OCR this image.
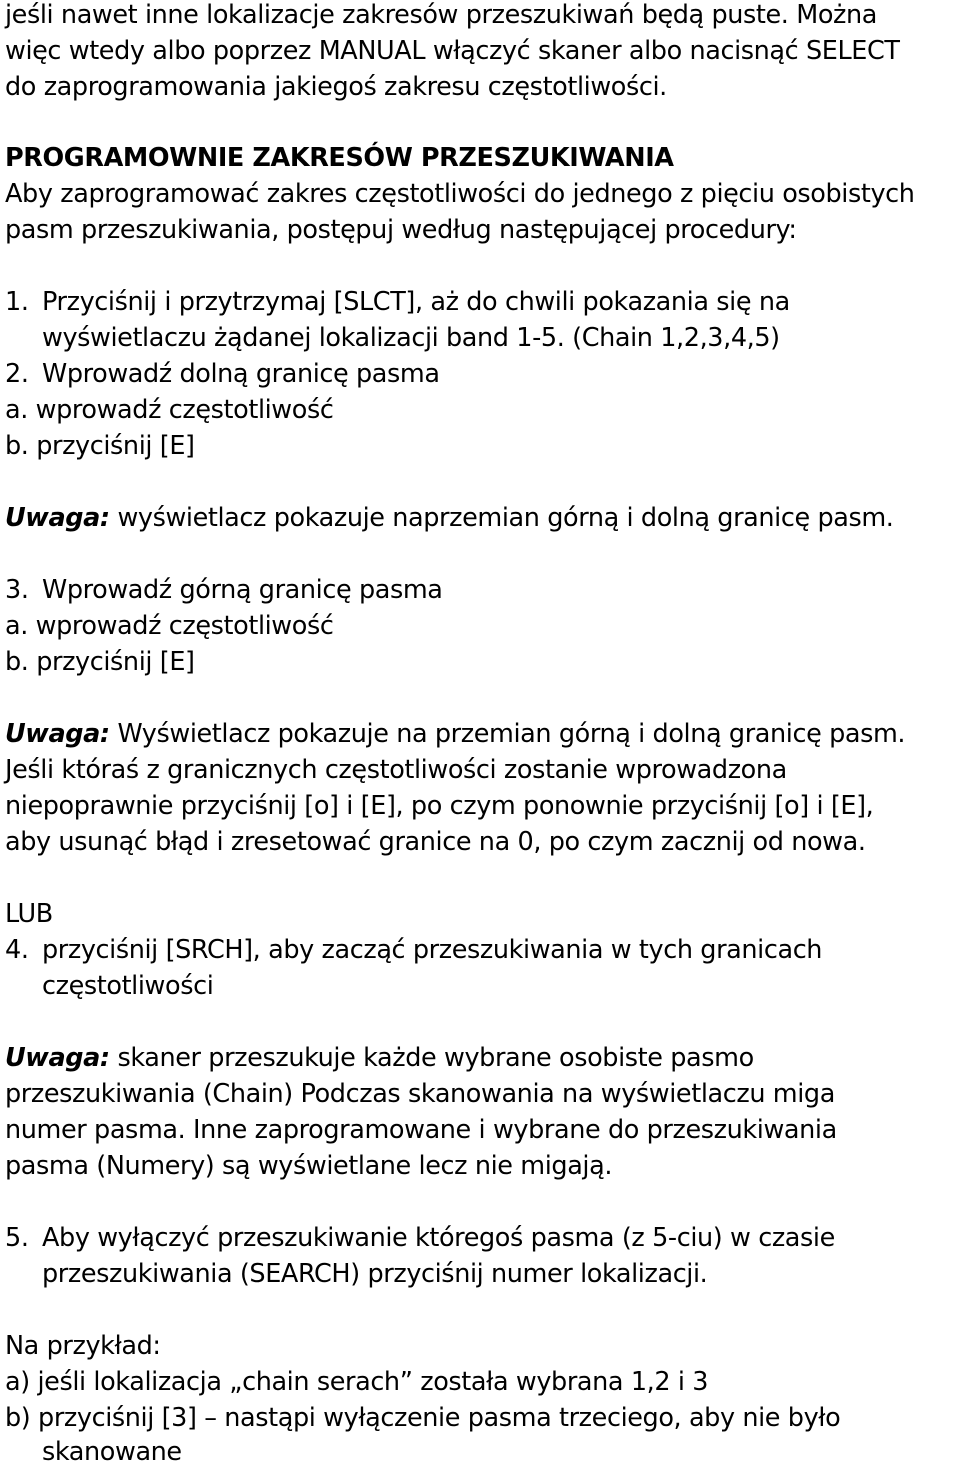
jeśli nawet inne lokalizacje zakresów przeszukiwań będą puste. Można
więc wtedy albo poprzez MANUAL włączyć skaner albo nacisnąć SELECT
do zaprogramowania jakiegoś zakresu częstotliwości.
PROGRAMOWNIE ZAKRESÓW PRZESZUKIWANIA
Aby zaprogramować zakres częstotliwości do jednego z pięciu osobistych
pasm przeszukiwania, postępuj według następującej procedury:
1. Przyciśnij i przytrzymaj [SLCT], aż do chwili pokazania się na
wyświetlaczu żądanej lokalizacji band 1-5. (Chain 1,2,3,4,5)
2. Wprowadź dolną granicę pasma
a. wprowadź częstotliwość
b. przyciśnij [E]
Uwaga: wyświetlacz pokazuje naprzemian górną i dolną granicę pasm.
3. Wprowadź górną granicę pasma
a. wprowadź częstotliwość
b. przyciśnij [E]
Uwaga: Wyświetlacz pokazuje na przemian górną i dolną granicę pasm.
Jeśli któraś z granicznych częstotliwości zostanie wprowadzona
niepoprawnie przyciśnij [o] i [E], po czym ponownie przyciśnij [o] i [E],
aby usunąć błąd i zresetować granice na 0, po czym zacznij od nowa.
LUB
4. przyciśnij [SRCH], aby zacząć przeszukiwania w tych granicach
częstotliwości
Uwaga: skaner przeszukuje każde wybrane osobiste pasmo
przeszukiwania (Chain) Podczas skanowania na wyświetlaczu miga
numer pasma. Inne zaprogramowane i wybrane do przeszukiwania
pasma (Numery) są wyświetlane lecz nie migają.
5. Aby wyłączyć przeszukiwanie któregoś pasma (z 5-ciu) w czasie
przeszukiwania (SEARCH) przyciśnij numer lokalizacji.
Na przykład:
a) jeśli lokalizacja „chain serach” została wybrana 1,2 i 3
b) przyciśnij [3] – nastąpi wyłączenie pasma trzeciego, aby nie było
skanowane
